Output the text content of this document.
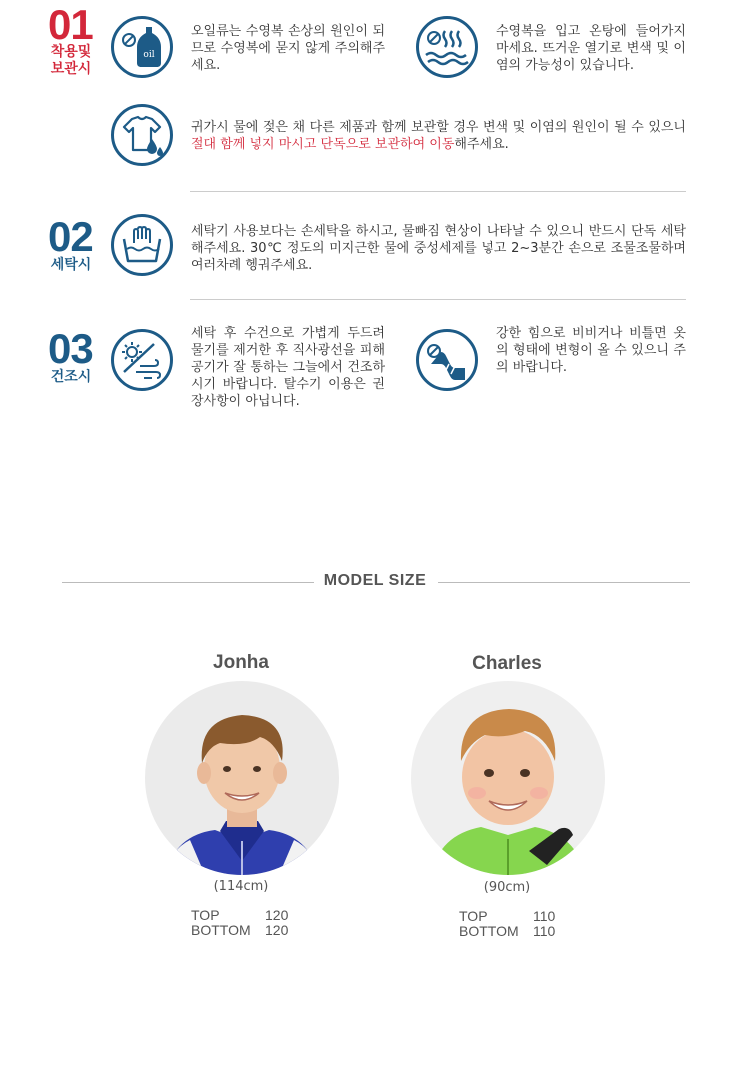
01
착용및
보관시
oil
오일류는 수영복 손상의 원인이 되므로 수영복에 묻지 않게 주의해주세요.
수영복을 입고 온탕에 들어가지 마세요. 뜨거운 열기로 변색 및 이염의 가능성이 있습니다.
귀가시 물에 젖은 채 다른 제품과 함께 보관할 경우 변색 및 이염의 원인이 될 수 있으니 절대 함께 넣지 마시고 단독으로 보관하여 이동해주세요.
02
세탁시
세탁기 사용보다는 손세탁을 하시고, 물빠짐 현상이 나타날 수 있으니 반드시 단독 세탁해주세요. 30℃ 정도의 미지근한 물에 중성세제를 넣고 2~3분간 손으로 조물조물하며 여러차례 헹궈주세요.
03
건조시
세탁 후 수건으로 가볍게 두드려 물기를 제거한 후 직사광선을 피해 공기가 잘 통하는 그늘에서 건조하시기 바랍니다. 탈수기 이용은 권장사항이 아닙니다.
강한 힘으로 비비거나 비틀면 옷의 형태에 변형이 올 수 있으니 주의 바랍니다.
MODEL SIZE
Jonha
(114cm)
TOP	120
BOTTOM 120
Charles
(90cm)
TOP	110
BOTTOM 110
